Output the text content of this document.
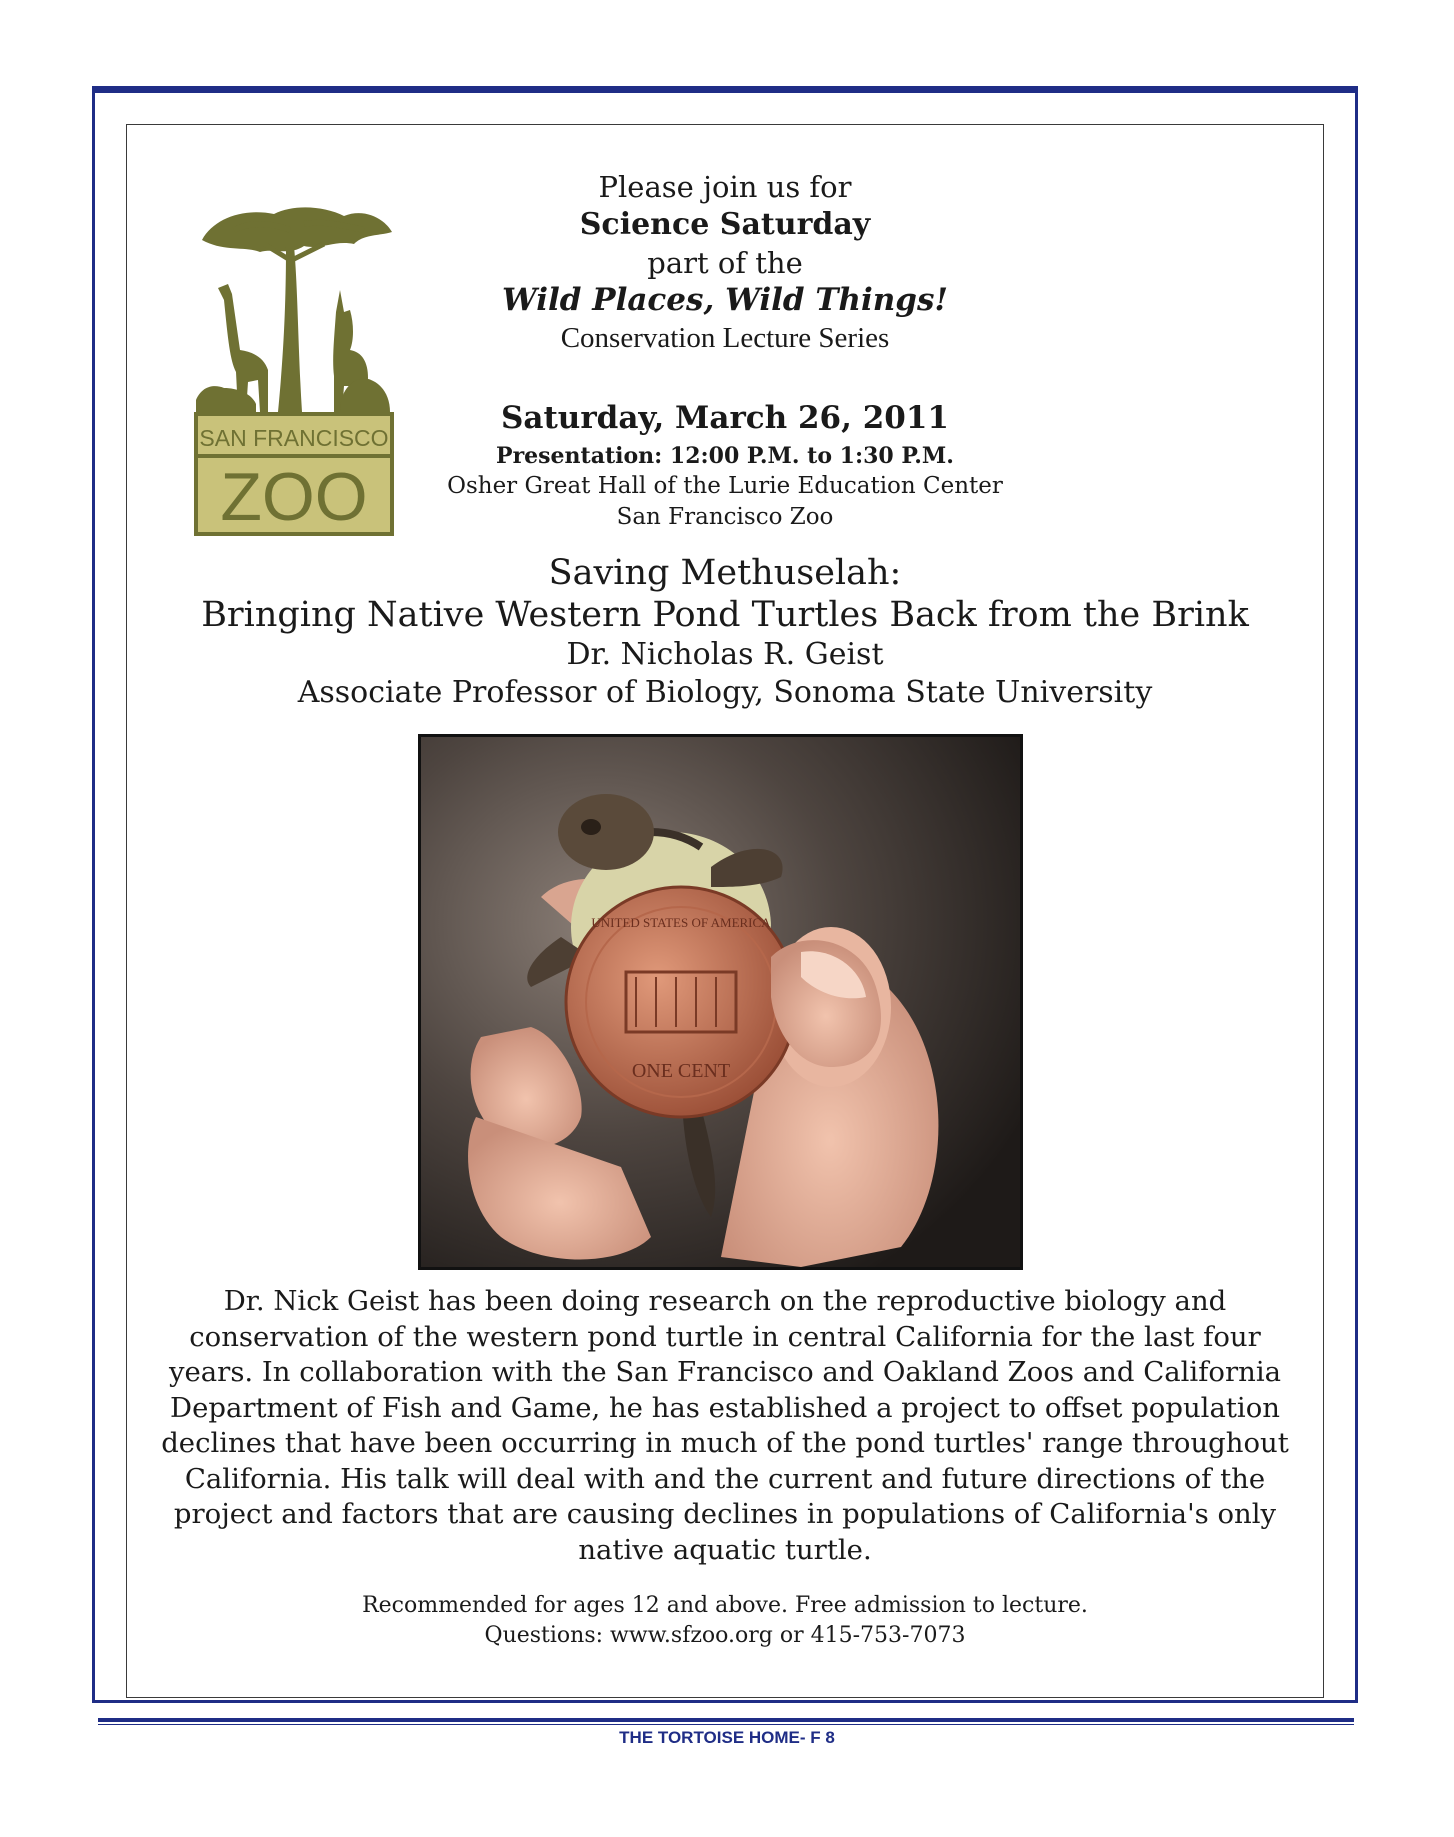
SAN FRANCISCO
ZOO
Please join us for
Science Saturday
part of the
Wild Places, Wild Things!
Conservation Lecture Series
Saturday, March 26, 2011
Presentation: 12:00 P.M. to 1:30 P.M.
Osher Great Hall of the Lurie Education Center
San Francisco Zoo
Saving Methuselah:
Bringing Native Western Pond Turtles Back from the Brink
Dr. Nicholas R. Geist
Associate Professor of Biology, Sonoma State University
UNITED STATES OF AMERICA
ONE CENT
Dr. Nick Geist has been doing research on the reproductive biology and
conservation of the western pond turtle in central California for the last four
years. In collaboration with the San Francisco and Oakland Zoos and California
Department of Fish and Game, he has established a project to offset population
declines that have been occurring in much of the pond turtles' range throughout
California. His talk will deal with and the current and future directions of the
project and factors that are causing declines in populations of California's only
native aquatic turtle.
Recommended for ages 12 and above. Free admission to lecture.
Questions: www.sfzoo.org or 415-753-7073
THE TORTOISE HOME- F 8
